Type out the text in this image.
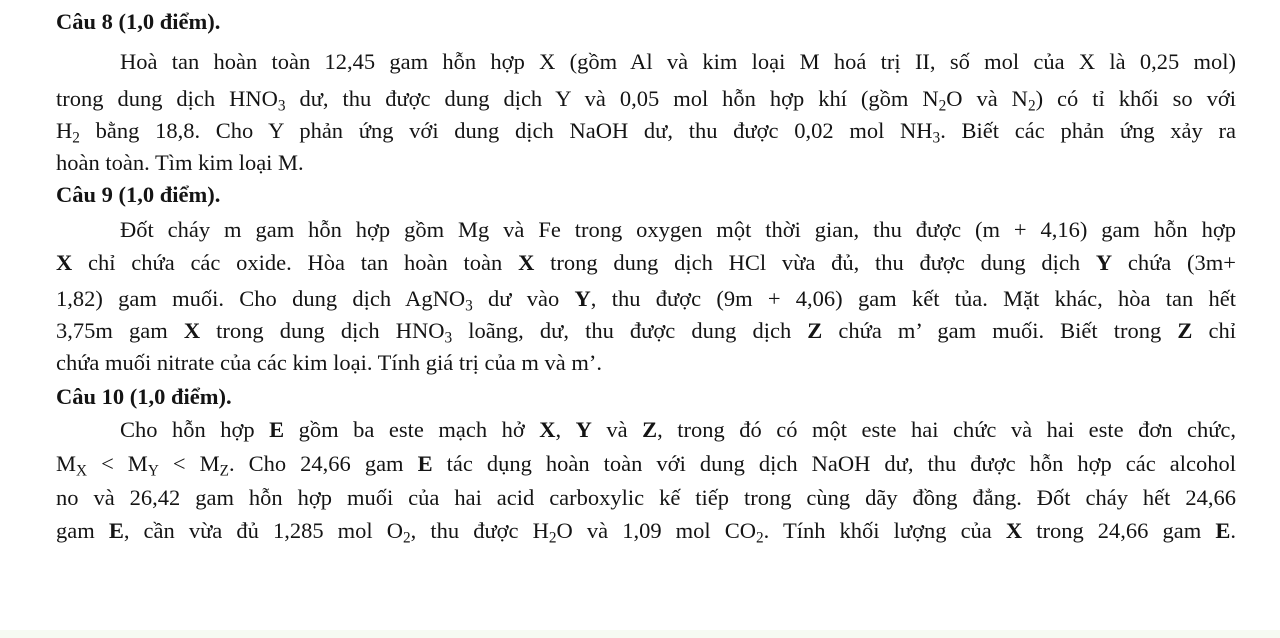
Câu 8 (1,0 điểm).
Hoà tan hoàn toàn 12,45 gam hỗn hợp X (gồm Al và kim loại M hoá trị II, số mol của X là 0,25 mol)
trong dung dịch $HNO_3$ dư, thu được dung dịch Y và 0,05 mol hỗn hợp khí (gồm $N_2O$ và $N_2$) có tỉ khối so với
$H_2$ bằng 18,8. Cho Y phản ứng với dung dịch NaOH dư, thu được 0,02 mol $NH_3$. Biết các phản ứng xảy ra
hoàn toàn. Tìm kim loại M.
Câu 9 (1,0 điểm).
Đốt cháy m gam hỗn hợp gồm Mg và Fe trong oxygen một thời gian, thu được (m + 4,16) gam hỗn hợp
X chỉ chứa các oxide. Hòa tan hoàn toàn X trong dung dịch HCl vừa đủ, thu được dung dịch Y chứa (3m+
1,82) gam muối. Cho dung dịch AgNO$_3$ dư vào Y, thu được (9m + 4,06) gam kết tủa. Mặt khác, hòa tan hết
3,75m gam X trong dung dịch $HNO_3$ loãng, dư, thu được dung dịch Z chứa m’ gam muối. Biết trong Z chỉ
chứa muối nitrate của các kim loại. Tính giá trị của m và m’.
Câu 10 (1,0 điểm).
Cho hỗn hợp E gồm ba este mạch hở X, Y và Z, trong đó có một este hai chức và hai este đơn chức,
$M_X < M_Y < M_Z$. Cho 24,66 gam E tác dụng hoàn toàn với dung dịch NaOH dư, thu được hỗn hợp các alcohol
no và 26,42 gam hỗn hợp muối của hai acid carboxylic kế tiếp trong cùng dãy đồng đẳng. Đốt cháy hết 24,66
gam E, cần vừa đủ 1,285 mol $O_2$, thu được $H_2O$ và 1,09 mol $CO_2$. Tính khối lượng của X trong 24,66 gam E.
